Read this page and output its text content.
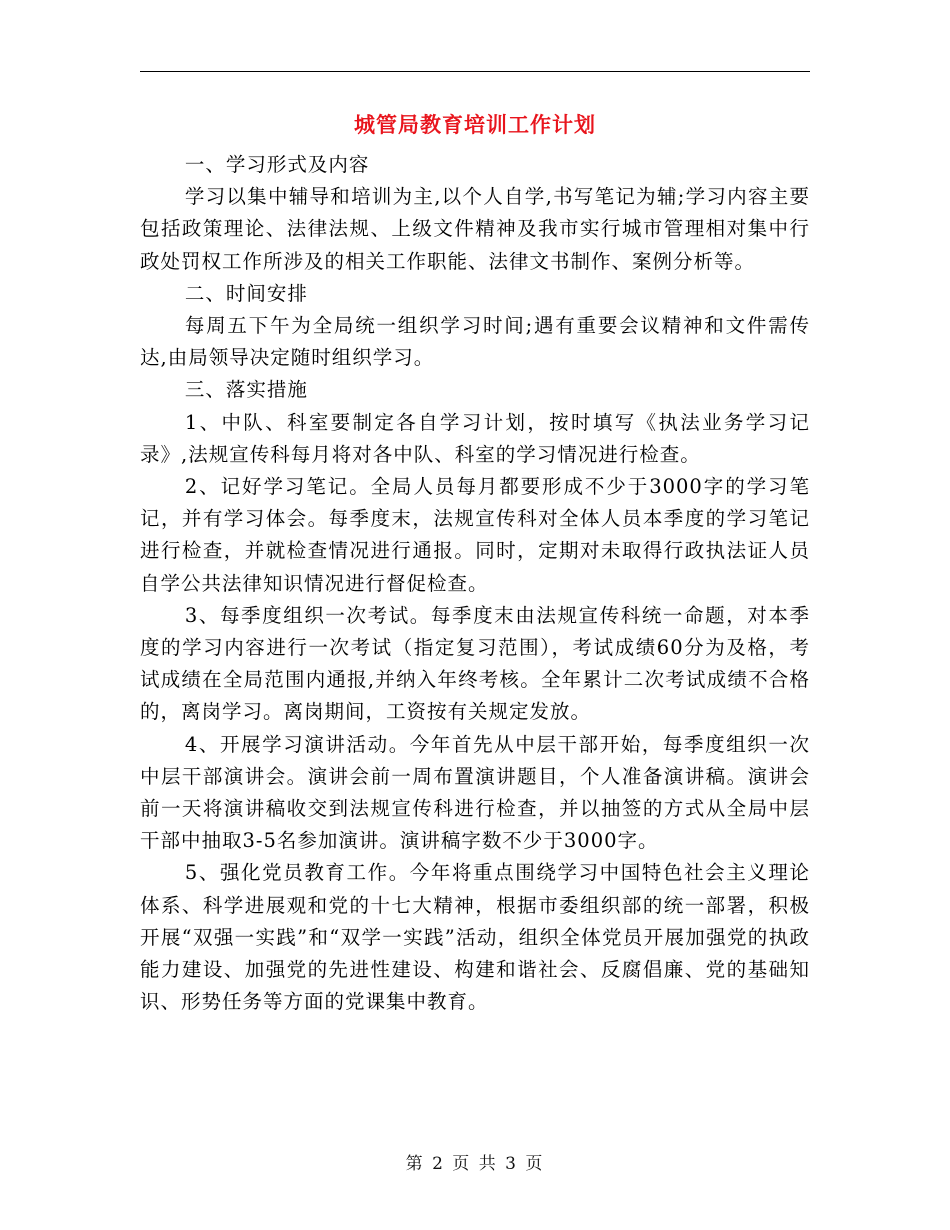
城管局教育培训工作计划

一、学习形式及内容

学习以集中辅导和培训为主,以个人自学,书写笔记为辅;学习内容主要包括政策理论、法律法规、上级文件精神及我市实行城市管理相对集中行政处罚权工作所涉及的相关工作职能、法律文书制作、案例分析等。

二、时间安排

每周五下午为全局统一组织学习时间;遇有重要会议精神和文件需传达,由局领导决定随时组织学习。

三、落实措施

1、中队、科室要制定各自学习计划，按时填写《执法业务学习记录》,法规宣传科每月将对各中队、科室的学习情况进行检查。

2、记好学习笔记。全局人员每月都要形成不少于3000字的学习笔记，并有学习体会。每季度末，法规宣传科对全体人员本季度的学习笔记进行检查，并就检查情况进行通报。同时，定期对未取得行政执法证人员自学公共法律知识情况进行督促检查。

3、每季度组织一次考试。每季度末由法规宣传科统一命题，对本季度的学习内容进行一次考试（指定复习范围），考试成绩60分为及格，考试成绩在全局范围内通报,并纳入年终考核。全年累计二次考试成绩不合格的，离岗学习。离岗期间，工资按有关规定发放。

4、开展学习演讲活动。今年首先从中层干部开始，每季度组织一次中层干部演讲会。演讲会前一周布置演讲题目，个人准备演讲稿。演讲会前一天将演讲稿收交到法规宣传科进行检查，并以抽签的方式从全局中层干部中抽取3-5名参加演讲。演讲稿字数不少于3000字。

5、强化党员教育工作。今年将重点围绕学习中国特色社会主义理论体系、科学进展观和党的十七大精神，根据市委组织部的统一部署，积极开展“双强一实践”和“双学一实践”活动，组织全体党员开展加强党的执政能力建设、加强党的先进性建设、构建和谐社会、反腐倡廉、党的基础知识、形势任务等方面的党课集中教育。

第 2 页 共 3 页
